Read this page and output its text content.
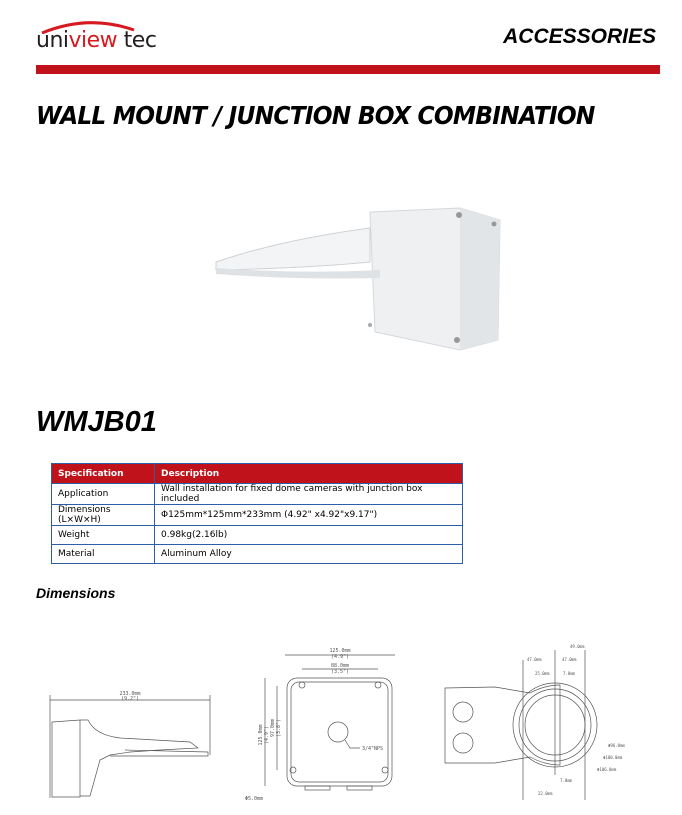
uniview tec	ACCESSORIES
WALL MOUNT / JUNCTION BOX COMBINATION
WMJB01
Specification	Description
Application	Wall installation for fixed dome cameras with junction box included
Dimensions (L×W×H)	Φ125mm*125mm*233mm (4.92" x4.92"x9.17")
Weight	0.98kg(2.16lb)
Material	Aluminum Alloy
Dimensions
233.0mm
(9.2")
125.0mm
(4.9")
88.0mm
(3.5")
3/4"NPS
125.0mm (4.9") 97.0mm (3.8")
Φ5.0mm
49.0mm
47.0mm	47.0mm
25.0mm	7.8mm
Φ96.0mm
Φ100.0mm
Φ106.0mm
7.8mm
22.0mm
